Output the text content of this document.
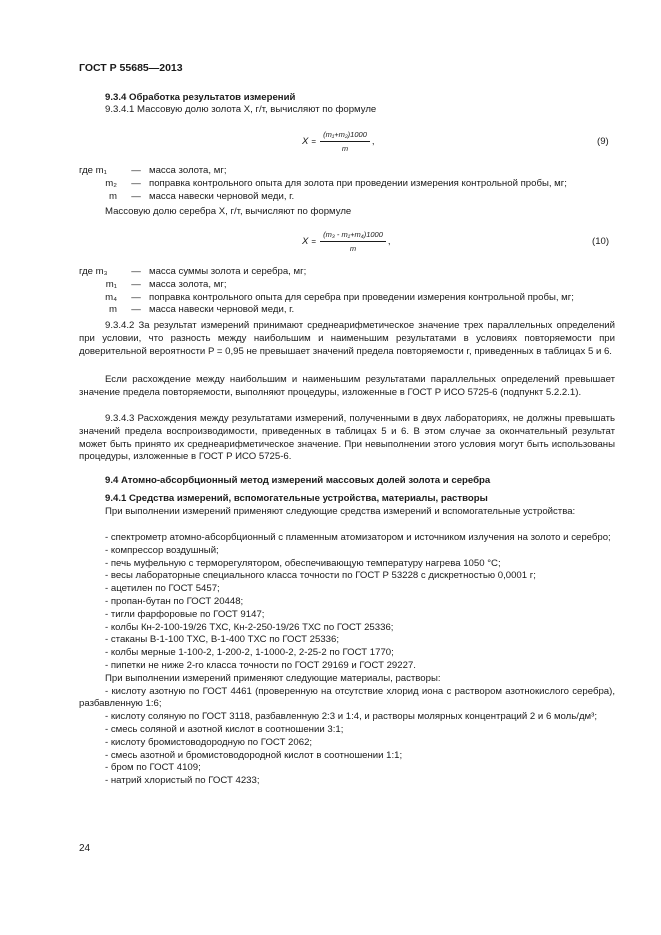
ГОСТ Р 55685—2013
9.3.4 Обработка результатов измерений
9.3.4.1 Массовую долю золота X, г/т, вычисляют по формуле
$X = \frac{\text{(m₁+m₂)1000}}{m}$ ,	(9)
где m₁	— масса золота, мг;
m₂	— поправка контрольного опыта для золота при проведении измерения контрольной пробы, мг;
m	— масса навески черновой меди, г.
Массовую долю серебра X, г/т, вычисляют по формуле
$X = \frac{\text{(m₃ - m₁+m₄)1000}}{m}$ ,	(10)
где m₃	— масса суммы золота и серебра, мг;
m₁	— масса золота, мг;
m₄	— поправка контрольного опыта для серебра при проведении измерения контрольной пробы, мг;
m	— масса навески черновой меди, г.
9.3.4.2 За результат измерений принимают среднеарифметическое значение трех параллельных определений при условии, что разность между наибольшим и наименьшим результатами в условиях повторяемости при доверительной вероятности P = 0,95 не превышает значений предела повторяемости r, приведенных в таблицах 5 и 6.
Если расхождение между наибольшим и наименьшим результатами параллельных определений превышает значение предела повторяемости, выполняют процедуры, изложенные в ГОСТ Р ИСО 5725-6 (подпункт 5.2.2.1).
9.3.4.3 Расхождения между результатами измерений, полученными в двух лабораториях, не должны превышать значений предела воспроизводимости, приведенных в таблицах 5 и 6. В этом случае за окончательный результат может быть принято их среднеарифметическое значение. При невыполнении этого условия могут быть использованы процедуры, изложенные в ГОСТ Р ИСО 5725-6.
9.4 Атомно-абсорбционный метод измерений массовых долей золота и серебра
9.4.1 Средства измерений, вспомогательные устройства, материалы, растворы
При выполнении измерений применяют следующие средства измерений и вспомогательные устройства:
- спектрометр атомно-абсорбционный с пламенным атомизатором и источником излучения на золото и серебро;
- компрессор воздушный;
- печь муфельную с терморегулятором, обеспечивающую температуру нагрева 1050 °С;
- весы лабораторные специального класса точности по ГОСТ Р 53228 с дискретностью 0,0001 г;
- ацетилен по ГОСТ 5457;
- пропан-бутан по ГОСТ 20448;
- тигли фарфоровые по ГОСТ 9147;
- колбы Кн-2-100-19/26 ТХС, Кн-2-250-19/26 ТХС по ГОСТ 25336;
- стаканы В-1-100 ТХС, В-1-400 ТХС по ГОСТ 25336;
- колбы мерные 1-100-2, 1-200-2, 1-1000-2, 2-25-2 по ГОСТ 1770;
- пипетки не ниже 2-го класса точности по ГОСТ 29169 и ГОСТ 29227.
При выполнении измерений применяют следующие материалы, растворы:
- кислоту азотную по ГОСТ 4461 (проверенную на отсутствие хлорид иона с раствором азотнокислого серебра), разбавленную 1:6;
- кислоту соляную по ГОСТ 3118, разбавленную 2:3 и 1:4, и растворы молярных концентраций 2 и 6 моль/дм³;
- смесь соляной и азотной кислот в соотношении 3:1;
- кислоту бромистоводородную по ГОСТ 2062;
- смесь азотной и бромистоводородной кислот в соотношении 1:1;
- бром по ГОСТ 4109;
- натрий хлористый по ГОСТ 4233;
24
